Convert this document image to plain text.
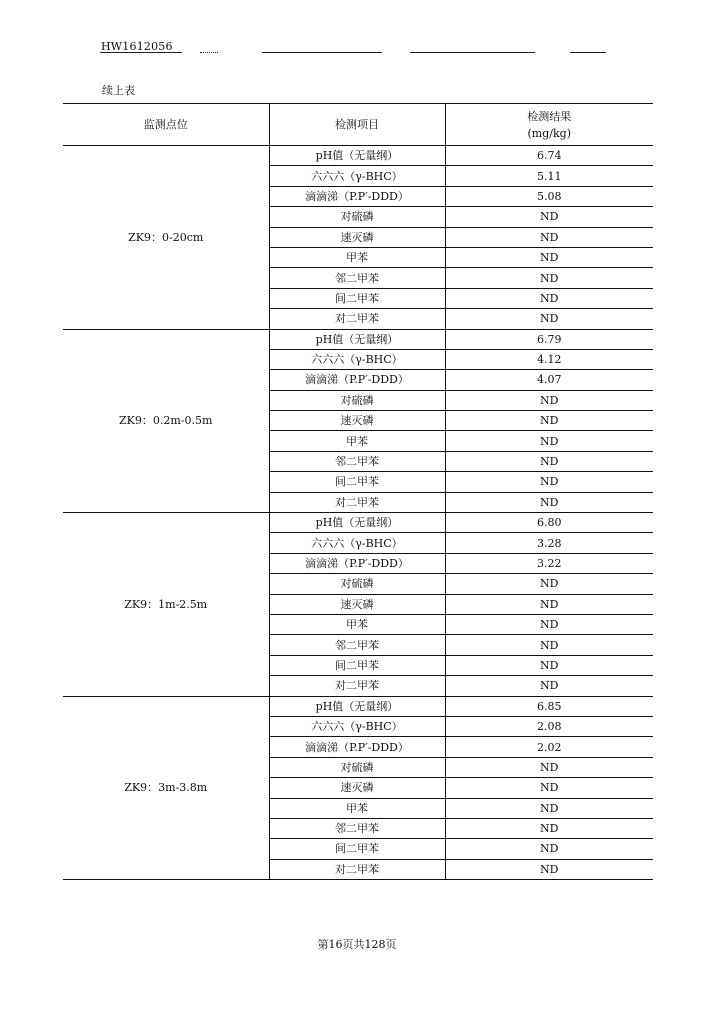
HW1612056
续上表
监测点位	检测项目	检测结果
(mg/kg)

ZK9：0-20cm	pH值（无量纲）	6.74
	六六六（γ-BHC）	5.11
	滴滴涕（P.P′-DDD）	5.08
	对硫磷	ND
	速灭磷	ND
	甲苯	ND
	邻二甲苯	ND
	间二甲苯	ND
	对二甲苯	ND
ZK9：0.2m-0.5m	pH值（无量纲）	6.79
	六六六（γ-BHC）	4.12
	滴滴涕（P.P′-DDD）	4.07
	对硫磷	ND
	速灭磷	ND
	甲苯	ND
	邻二甲苯	ND
	间二甲苯	ND
	对二甲苯	ND
ZK9：1m-2.5m	pH值（无量纲）	6.80
	六六六（γ-BHC）	3.28
	滴滴涕（P.P′-DDD）	3.22
	对硫磷	ND
	速灭磷	ND
	甲苯	ND
	邻二甲苯	ND
	间二甲苯	ND
	对二甲苯	ND
ZK9：3m-3.8m	pH值（无量纲）	6.85
	六六六（γ-BHC）	2.08
	滴滴涕（P.P′-DDD）	2.02
	对硫磷	ND
	速灭磷	ND
	甲苯	ND
	邻二甲苯	ND
	间二甲苯	ND
	对二甲苯	ND
第16页共128页
